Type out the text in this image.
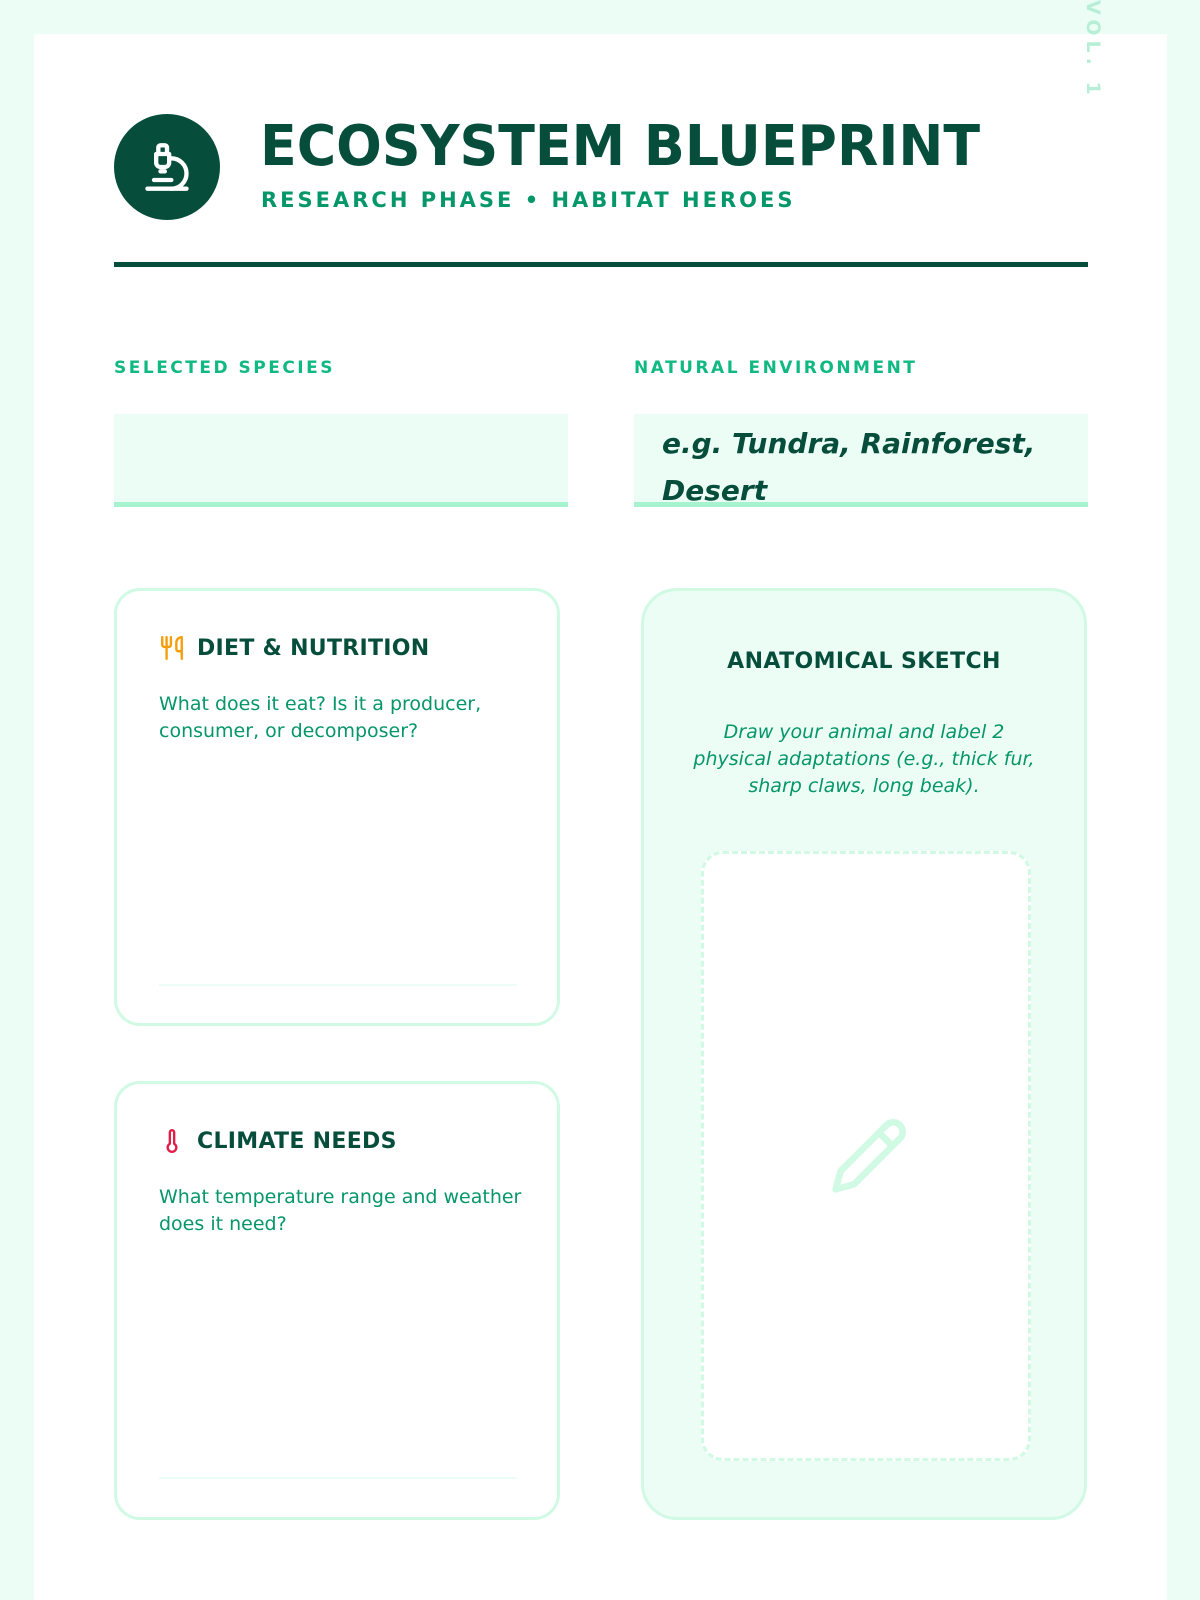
VOL. 1
ECOSYSTEM BLUEPRINT
RESEARCH PHASE • HABITAT HEROES
SELECTED SPECIES	NATURAL ENVIRONMENT
e.g. Tundra, Rainforest, Desert
DIET & NUTRITION
What does it eat? Is it a producer, consumer, or decomposer?
CLIMATE NEEDS
What temperature range and weather does it need?
ANATOMICAL SKETCH
Draw your animal and label 2 physical adaptations (e.g., thick fur, sharp claws, long beak).
